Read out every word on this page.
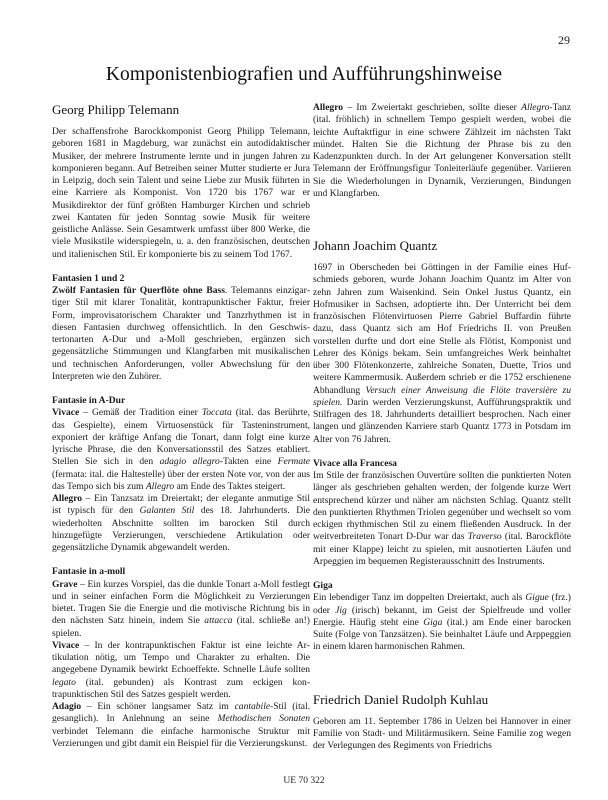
29
Komponistenbiografien und Aufführungshinweise
Georg Philipp Telemann

Der schaffensfrohe Barockkomponist Georg Philipp Telemann, geboren 1681 in Magdeburg, war zunächst ein autodidaktischer Musiker, der mehrere Instrumente lernte und in jungen Jahren zu komponieren begann. Auf Betreiben seiner Mutter studierte er Jura in Leipzig, doch sein Talent und seine Liebe zur Musik führten in eine Karriere als Komponist. Von 1720 bis 1767 war er Musikdirektor der fünf größten Hamburger Kirchen und schrieb zwei Kantaten für jeden Sonntag sowie Musik für weitere geistliche Anlässe. Sein Gesamtwerk umfasst über 800 Werke, die viele Musikstile widerspiegeln, u. a. den französischen, deutschen und italienischen Stil. Er komponierte bis zu seinem Tod 1767.

Fantasien 1 und 2

Zwölf Fantasien für Querflöte ohne Bass. Telemanns einzigartiger Stil mit klarer Tonalität, kontrapunktischer Faktur, freier Form, improvisatorischem Charakter und Tanzrhythmen ist in diesen Fantasien durchweg offensichtlich. In den Geschwistertonarten A-Dur und a-Moll geschrieben, ergänzen sich gegensätzliche Stimmungen und Klangfarben mit musikalischen und technischen Anforderungen, voller Abwechslung für den Interpreten wie den Zuhörer.

Fantasie in A-Dur

Vivace – Gemäß der Tradition einer Toccata (ital. das Berührte, das Gespielte), einem Virtuosenstück für Tasteninstrument, exponiert der kräftige Anfang die Tonart, dann folgt eine kurze lyrische Phrase, die den Konversationsstil des Satzes etabliert. Stellen Sie sich in den adagio allegro-Takten eine Fermate (fermata: ital. die Haltestelle) über der ersten Note vor, von der aus das Tempo sich bis zum Allegro am Ende des Taktes steigert.

Allegro – Ein Tanzsatz im Dreiertakt; der elegante anmutige Stil ist typisch für den Galanten Stil des 18. Jahrhunderts. Die wiederholten Abschnitte sollten im barocken Stil durch hinzugefügte Verzierungen, verschiedene Artikulation oder gegensätzliche Dynamik abgewandelt werden.

Fantasie in a-moll

Grave – Ein kurzes Vorspiel, das die dunkle Tonart a-Moll festlegt und in seiner einfachen Form die Möglichkeit zu Verzierungen bietet. Tragen Sie die Energie und die motivische Richtung bis in den nächsten Satz hinein, indem Sie attacca (ital. schließe an!) spielen.

Vivace – In der kontrapunktischen Faktur ist eine leichte Artikulation nötig, um Tempo und Charakter zu erhalten. Die angegebene Dynamik bewirkt Echoeffekte. Schnelle Läufe sollten legato (ital. gebunden) als Kontrast zum eckigen kontrapunktischen Stil des Satzes gespielt werden.

Adagio – Ein schöner langsamer Satz im cantabile-Stil (ital. gesanglich). In Anlehnung an seine Methodischen Sonaten verbindet Telemann die einfache harmonische Struktur mit Verzierungen und gibt damit ein Beispiel für die Verzierungskunst.

Allegro – Im Zweiertakt geschrieben, sollte dieser Allegro-Tanz (ital. fröhlich) in schnellem Tempo gespielt werden, wobei die leichte Auftaktfigur in eine schwere Zählzeit im nächsten Takt mündet. Halten Sie die Richtung der Phrase bis zu den Kadenzpunkten durch. In der Art gelungener Konversation stellt Telemann der Eröffnungsfigur Tonleiterläufe gegenüber. Variieren Sie die Wiederholungen in Dynamik, Verzierungen, Bindungen und Klangfarben.

Johann Joachim Quantz

1697 in Oberscheden bei Göttingen in der Familie eines Hufschmieds geboren, wurde Johann Joachim Quantz im Alter von zehn Jahren zum Waisenkind. Sein Onkel Justus Quantz, ein Hofmusiker in Sachsen, adoptierte ihn. Der Unterricht bei dem französischen Flötenvirtuosen Pierre Gabriel Buffardin führte dazu, dass Quantz sich am Hof Friedrichs II. von Preußen vorstellen durfte und dort eine Stelle als Flötist, Komponist und Lehrer des Königs bekam. Sein umfangreiches Werk beinhaltet über 300 Flötenkonzerte, zahlreiche Sonaten, Duette, Trios und weitere Kammermusik. Außerdem schrieb er die 1752 erschienene Abhandlung Versuch einer Anweisung die Flöte traversière zu spielen. Darin werden Verzierungskunst, Aufführungspraktik und Stilfragen des 18. Jahrhunderts detailliert besprochen. Nach einer langen und glänzenden Karriere starb Quantz 1773 in Potsdam im Alter von 76 Jahren.

Vivace alla Francesa

Im Stile der französischen Ouvertüre sollten die punktierten Noten länger als geschrieben gehalten werden, der folgende kurze Wert entsprechend kürzer und näher am nächsten Schlag. Quantz stellt den punktierten Rhythmen Triolen gegenüber und wechselt so vom eckigen rhythmischen Stil zu einem fließenden Ausdruck. In der weitverbreiteten Tonart D-Dur war das Traverso (ital. Barockflöte mit einer Klappe) leicht zu spielen, mit ausnotierten Läufen und Arpeggien im bequemen Registerausschnitt des Instruments.

Giga

Ein lebendiger Tanz im doppelten Dreiertakt, auch als Gigue (frz.) oder Jig (irisch) bekannt, im Geist der Spielfreude und voller Energie. Häufig steht eine Giga (ital.) am Ende einer barocken Suite (Folge von Tanzsätzen). Sie beinhaltet Läufe und Arppeggien in einem klaren harmonischen Rahmen.

Friedrich Daniel Rudolph Kuhlau

Geboren am 11. September 1786 in Uelzen bei Hannover in einer Familie von Stadt- und Militärmusikern. Seine Familie zog wegen der Verlegungen des Regiments von Friedrichs

UE 70 322
